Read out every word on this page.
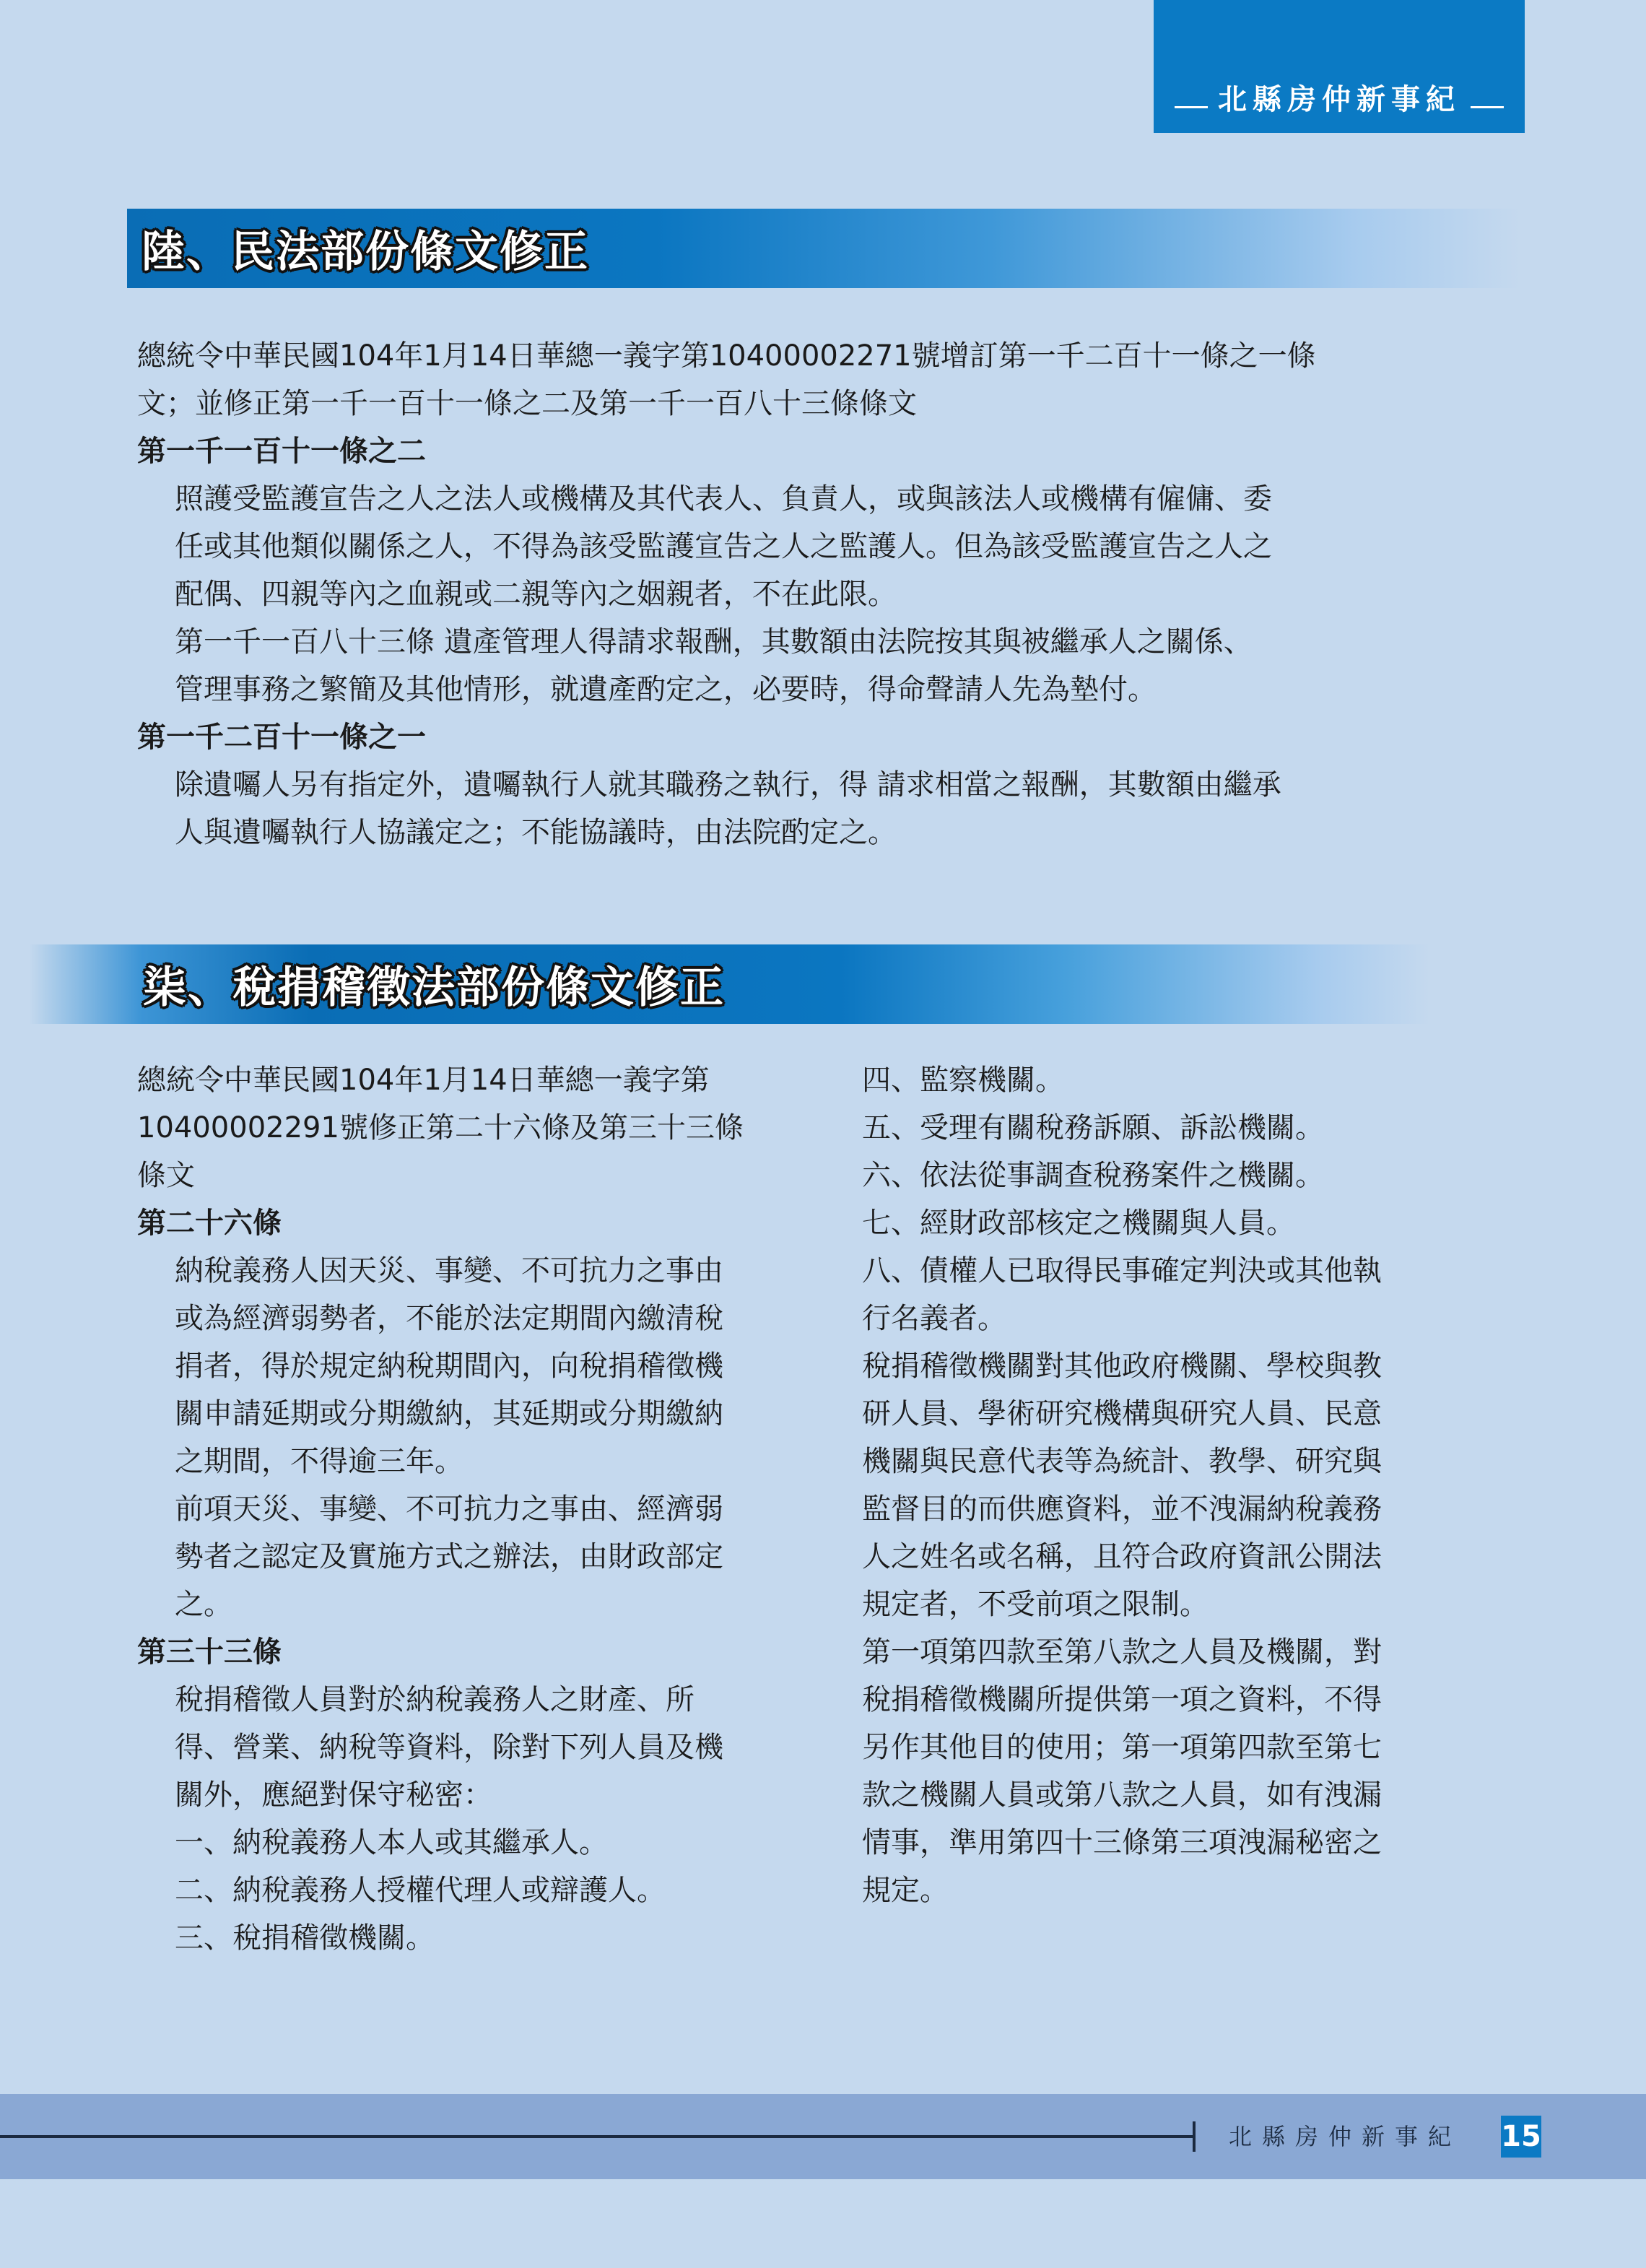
北縣房仲新事紀
陸、民法部份條文修正

總統令中華民國104年1月14日華總一義字第10400002271號增訂第一千二百十一條之一條

文；並修正第一千一百十一條之二及第一千一百八十三條條文

第一千一百十一條之二

照護受監護宣告之人之法人或機構及其代表人、負責人，或與該法人或機構有僱傭、委

任或其他類似關係之人，不得為該受監護宣告之人之監護人。但為該受監護宣告之人之

配偶、四親等內之血親或二親等內之姻親者，不在此限。

第一千一百八十三條 遺產管理人得請求報酬，其數額由法院按其與被繼承人之關係、

管理事務之繁簡及其他情形，就遺產酌定之，必要時，得命聲請人先為墊付。

第一千二百十一條之一

除遺囑人另有指定外，遺囑執行人就其職務之執行，得 請求相當之報酬，其數額由繼承

人與遺囑執行人協議定之；不能協議時，由法院酌定之。

柒、稅捐稽徵法部份條文修正

總統令中華民國104年1月14日華總一義字第

10400002291號修正第二十六條及第三十三條

條文

第二十六條

納稅義務人因天災、事變、不可抗力之事由

或為經濟弱勢者，不能於法定期間內繳清稅

捐者，得於規定納稅期間內，向稅捐稽徵機

關申請延期或分期繳納，其延期或分期繳納

之期間，不得逾三年。

前項天災、事變、不可抗力之事由、經濟弱

勢者之認定及實施方式之辦法，由財政部定

之。

第三十三條

稅捐稽徵人員對於納稅義務人之財產、所

得、營業、納稅等資料，除對下列人員及機

關外，應絕對保守秘密：

一、納稅義務人本人或其繼承人。

二、納稅義務人授權代理人或辯護人。

三、稅捐稽徵機關。

四、監察機關。

五、受理有關稅務訴願、訴訟機關。

六、依法從事調查稅務案件之機關。

七、經財政部核定之機關與人員。

八、債權人已取得民事確定判決或其他執

行名義者。

稅捐稽徵機關對其他政府機關、學校與教

研人員、學術研究機構與研究人員、民意

機關與民意代表等為統計、教學、研究與

監督目的而供應資料，並不洩漏納稅義務

人之姓名或名稱，且符合政府資訊公開法

規定者，不受前項之限制。

第一項第四款至第八款之人員及機關，對

稅捐稽徵機關所提供第一項之資料，不得

另作其他目的使用；第一項第四款至第七

款之機關人員或第八款之人員，如有洩漏

情事，準用第四十三條第三項洩漏秘密之

規定。

北縣房仲新事紀 15
